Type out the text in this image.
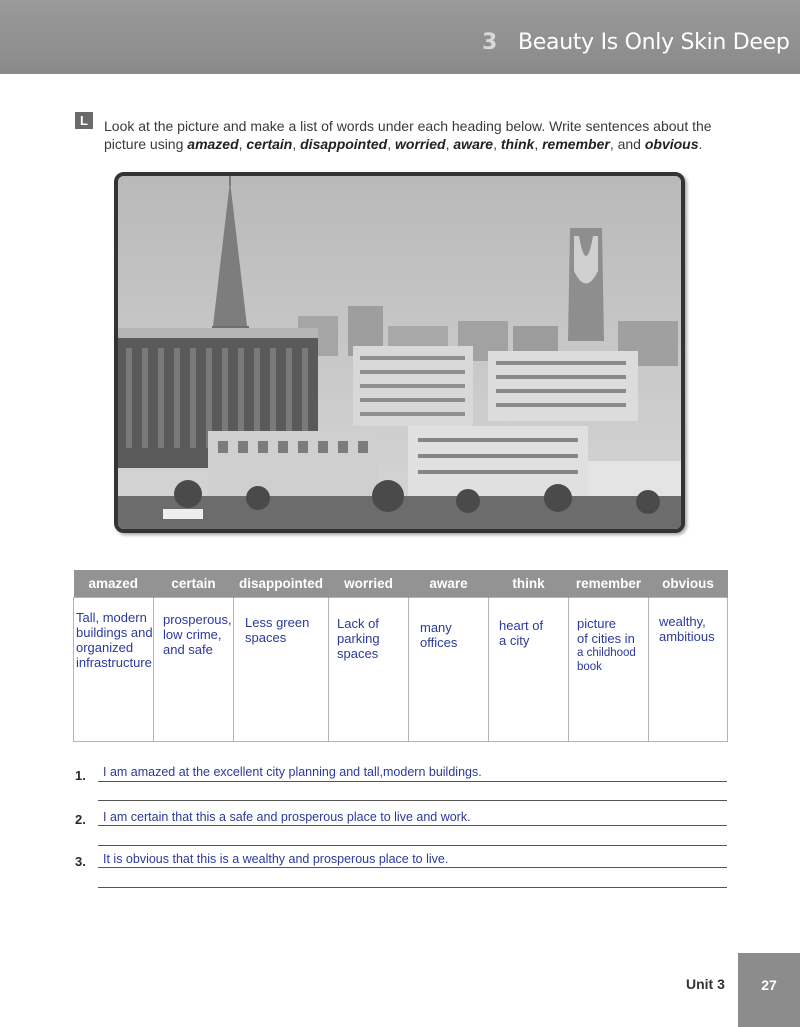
3 Beauty Is Only Skin Deep
L	Look at the picture and make a list of words under each heading below. Write sentences about the picture using amazed, certain, disappointed, worried, aware, think, remember, and obvious.

amazed	certain	disappointed	worried	aware	think	remember	obvious

Tall, modern
buildings and
organized
infrastructure	prosperous,
low crime,
and safe	Less green
spaces	Lack of
parking
spaces	many
offices	heart of
a city	picture
of cities in
a childhood
book	wealthy,
ambitious
1. I am amazed at the excellent city planning and tall,modern buildings.
2. I am certain that this a safe and prosperous place to live and work.
3. It is obvious that this is a wealthy and prosperous place to live.
Unit 3	27
